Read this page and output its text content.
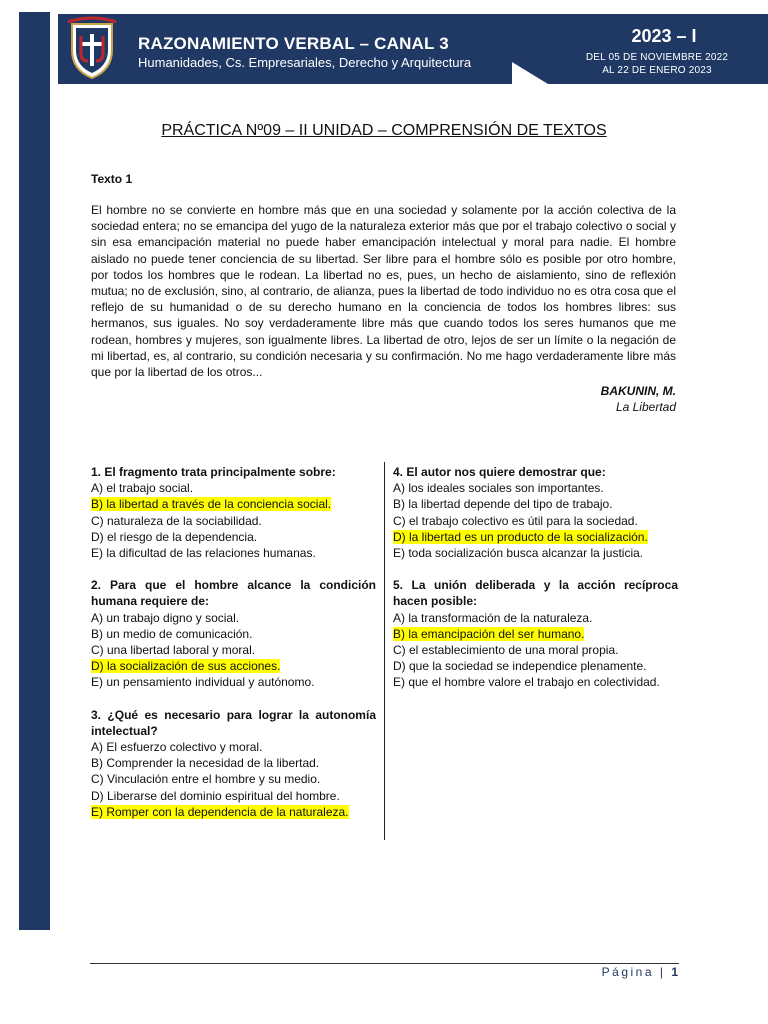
RAZONAMIENTO VERBAL – CANAL 3
Humanidades, Cs. Empresariales, Derecho y Arquitectura
2023 – I
DEL 05 DE NOVIEMBRE 2022
AL 22 DE ENERO 2023
PRÁCTICA Nº09 – II UNIDAD – COMPRENSIÓN DE TEXTOS
Texto 1

El hombre no se convierte en hombre más que en una sociedad y solamente por la acción colectiva de la sociedad entera; no se emancipa del yugo de la naturaleza exterior más que por el trabajo colectivo o social y sin esa emancipación material no puede haber emancipación intelectual y moral para nadie. El hombre aislado no puede tener conciencia de su libertad. Ser libre para el hombre sólo es posible por otro hombre, por todos los hombres que le rodean. La libertad no es, pues, un hecho de aislamiento, sino de reflexión mutua; no de exclusión, sino, al contrario, de alianza, pues la libertad de todo individuo no es otra cosa que el reflejo de su humanidad o de su derecho humano en la conciencia de todos los hombres libres: sus hermanos, sus iguales. No soy verdaderamente libre más que cuando todos los seres humanos que me rodean, hombres y mujeres, son igualmente libres. La libertad de otro, lejos de ser un límite o la negación de mi libertad, es, al contrario, su condición necesaria y su confirmación. No me hago verdaderamente libre más que por la libertad de los otros...

BAKUNIN, M.
La Libertad
1. El fragmento trata principalmente sobre:
A) el trabajo social.
B) la libertad a través de la conciencia social.
C) naturaleza de la sociabilidad.
D) el riesgo de la dependencia.
E) la dificultad de las relaciones humanas.
2. Para que el hombre alcance la condición humana requiere de:
A) un trabajo digno y social.
B) un medio de comunicación.
C) una libertad laboral y moral.
D) la socialización de sus acciones.
E) un pensamiento individual y autónomo.
3. ¿Qué es necesario para lograr la autonomía intelectual?
A) El esfuerzo colectivo y moral.
B) Comprender la necesidad de la libertad.
C) Vinculación entre el hombre y su medio.
D) Liberarse del dominio espiritual del hombre.
E) Romper con la dependencia de la naturaleza.
4. El autor nos quiere demostrar que:
A) los ideales sociales son importantes.
B) la libertad depende del tipo de trabajo.
C) el trabajo colectivo es útil para la sociedad.
D) la libertad es un producto de la socialización.
E) toda socialización busca alcanzar la justicia.
5. La unión deliberada y la acción recíproca hacen posible:
A) la transformación de la naturaleza.
B) la emancipación del ser humano.
C) el establecimiento de una moral propia.
D) que la sociedad se independice plenamente.
E) que el hombre valore el trabajo en colectividad.
Página | 1
